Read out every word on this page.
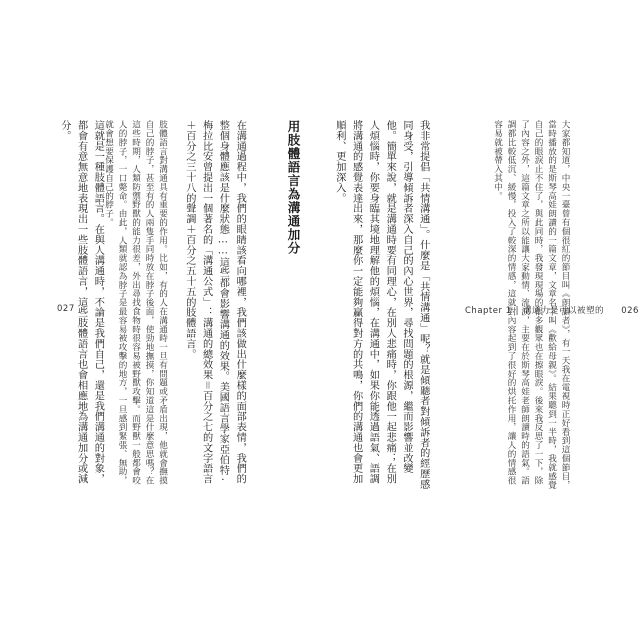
大家都知道，中央一臺曾有個很紅的節目叫《朗讀者》，有一天我在電視時正好看到這個節目，當時播放的是斯琴高娃朗讀的一篇文章，文章名字叫《歡給母親》。結果聽到一半時，我就感覺自己的眼淚止不住了，與此同時，我發現現場的很多觀眾也在擦眼淚。後來我反思了一下，除了內容之外，這篇文章之所以能讓大家動情、流淚，主要在於斯琴高娃老師朗讀時的語氣。語調都比較低沉、緩慢，投入了較深的情感，這就對內容起到了很好的烘托作用，讓人的情感很容易就被帶入其中。

我非常提倡「共情溝通」。什麼是「共情溝通」呢？就是傾聽者對傾訴者的經歷感同身受，引導傾訴者深入自己的內心世界，尋找問題的根源，繼而影響並改變他。簡單來說，就是溝通時要有同理心，在別人悲痛時，你跟他一起悲痛；在別人煩惱時，你要身臨其境地理解他的煩惱，在溝通中，如果你能透過語氣、語調將溝通的感覺表達出來，那麼你一定能夠贏得對方的共鳴，你們的溝通也會更加順利、更加深入。

用肢體語言為溝通加分

在溝通過程中，我們的眼睛該看向哪裡，我們該做出什麼樣的面部表情，我們的整個身體應該是什麼狀態……這些都會影響溝通的效果。美國語言學家亞伯特·梅拉比安曾提出一個著名的「溝通公式」：溝通的總效果＝百分之七的文字語言＋百分之三十八的聲調＋百分之五十五的肢體語言。

肢體語言對溝通具有重要的作用。比如，有的人在溝通時一旦有問題或矛盾出現，他就會撫摸自己的脖子，甚至有的人兩隻手同時放在脖子後面，使勁地撫摸，你知道這是什麼意思嗎？在這些時期，人類防禦野獸的能力很差，外出尋找食物時很容易被野獸攻擊。而野獸一般都會咬人的脖子，一口斃命。由此，人類就認為脖子是最容易被攻擊的地方，一旦感到緊張、無助，就會想要保護自己的脖子。

這就是一種肢體語言。在與人溝通時，不論是我們自己，還是我們溝通的對象，都會有意無意地表現出一些肢體語言，這些肢體語言也會相應地為溝通加分或減分。

027	Chapter 1 | 溝通力是可以被塑的 026
